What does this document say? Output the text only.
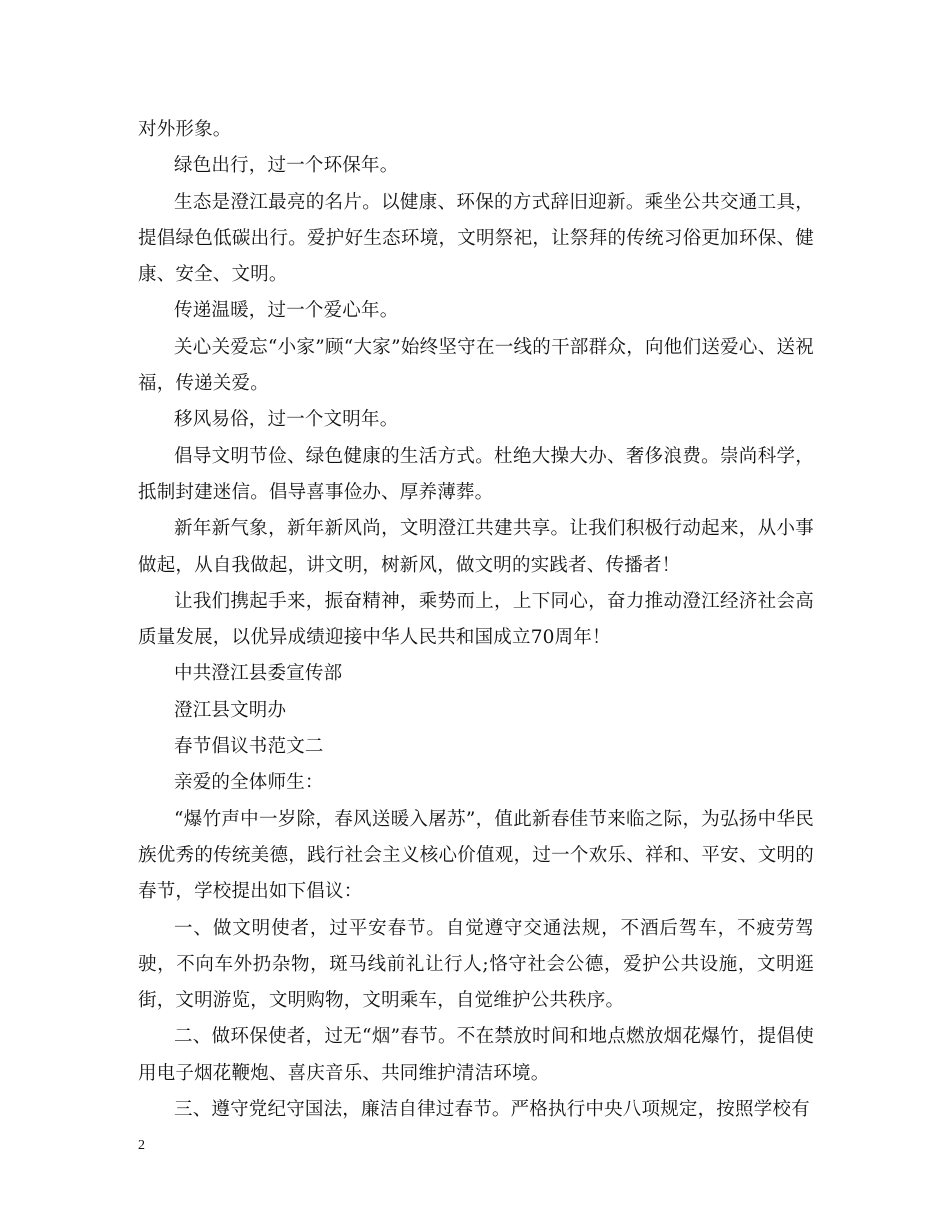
对外形象。

绿色出行，过一个环保年。

生态是澄江最亮的名片。以健康、环保的方式辞旧迎新。乘坐公共交通工具，提倡绿色低碳出行。爱护好生态环境，文明祭祀，让祭拜的传统习俗更加环保、健康、安全、文明。

传递温暖，过一个爱心年。

关心关爱忘“小家”顾“大家”始终坚守在一线的干部群众，向他们送爱心、送祝福，传递关爱。

移风易俗，过一个文明年。

倡导文明节俭、绿色健康的生活方式。杜绝大操大办、奢侈浪费。崇尚科学，抵制封建迷信。倡导喜事俭办、厚养薄葬。

新年新气象，新年新风尚，文明澄江共建共享。让我们积极行动起来，从小事做起，从自我做起，讲文明，树新风，做文明的实践者、传播者！

让我们携起手来，振奋精神，乘势而上，上下同心，奋力推动澄江经济社会高质量发展，以优异成绩迎接中华人民共和国成立70周年！

中共澄江县委宣传部

澄江县文明办

春节倡议书范文二

亲爱的全体师生：

“爆竹声中一岁除，春风送暖入屠苏”，值此新春佳节来临之际，为弘扬中华民族优秀的传统美德，践行社会主义核心价值观，过一个欢乐、祥和、平安、文明的春节，学校提出如下倡议：

一、做文明使者，过平安春节。自觉遵守交通法规，不酒后驾车，不疲劳驾驶，不向车外扔杂物，斑马线前礼让行人;恪守社会公德，爱护公共设施，文明逛街，文明游览，文明购物，文明乘车，自觉维护公共秩序。

二、做环保使者，过无“烟”春节。不在禁放时间和地点燃放烟花爆竹，提倡使用电子烟花鞭炮、喜庆音乐、共同维护清洁环境。

三、遵守党纪守国法，廉洁自律过春节。严格执行中央八项规定，按照学校有

2
